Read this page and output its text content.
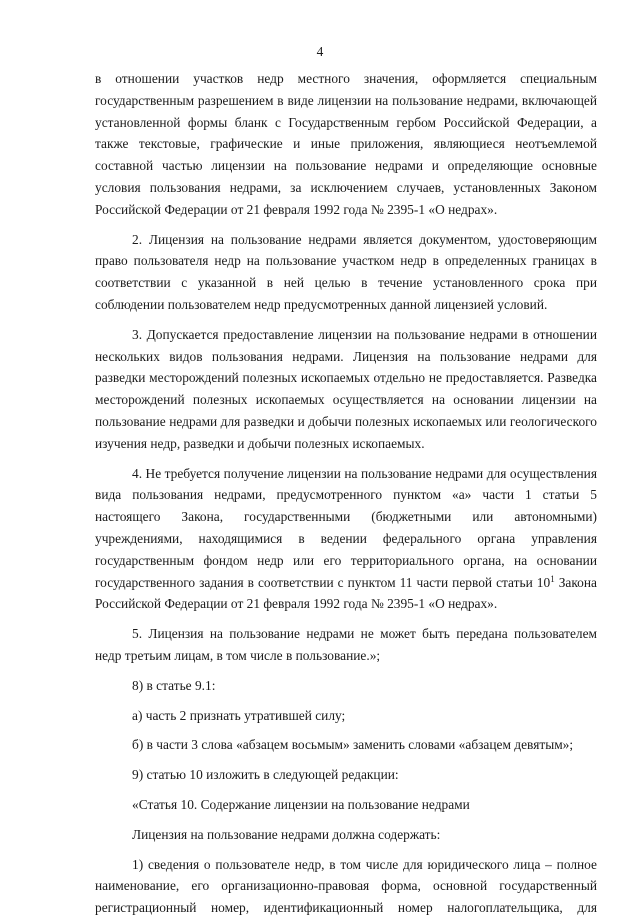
4

в отношении участков недр местного значения, оформляется специальным государственным разрешением в виде лицензии на пользование недрами, включающей установленной формы бланк с Государственным гербом Российской Федерации, а также текстовые, графические и иные приложения, являющиеся неотъемлемой составной частью лицензии на пользование недрами и определяющие основные условия пользования недрами, за исключением случаев, установленных Законом Российской Федерации от 21 февраля 1992 года № 2395-1 «О недрах».

2. Лицензия на пользование недрами является документом, удостоверяющим право пользователя недр на пользование участком недр в определенных границах в соответствии с указанной в ней целью в течение установленного срока при соблюдении пользователем недр предусмотренных данной лицензией условий.

3. Допускается предоставление лицензии на пользование недрами в отношении нескольких видов пользования недрами. Лицензия на пользование недрами для разведки месторождений полезных ископаемых отдельно не предоставляется. Разведка месторождений полезных ископаемых осуществляется на основании лицензии на пользование недрами для разведки и добычи полезных ископаемых или геологического изучения недр, разведки и добычи полезных ископаемых.

4. Не требуется получение лицензии на пользование недрами для осуществления вида пользования недрами, предусмотренного пунктом «а» части 1 статьи 5 настоящего Закона, государственными (бюджетными или автономными) учреждениями, находящимися в ведении федерального органа управления государственным фондом недр или его территориального органа, на основании государственного задания в соответствии с пунктом 11 части первой статьи $10^1$ Закона Российской Федерации от 21 февраля 1992 года № 2395-1 «О недрах».

5. Лицензия на пользование недрами не может быть передана пользователем недр третьим лицам, в том числе в пользование.»;

8) в статье 9.1:

а) часть 2 признать утратившей силу;

б) в части 3 слова «абзацем восьмым» заменить словами «абзацем девятым»;

9) статью 10 изложить в следующей редакции:

«Статья 10. Содержание лицензии на пользование недрами

Лицензия на пользование недрами должна содержать:

1) сведения о пользователе недр, в том числе для юридического лица – полное наименование, его организационно-правовая форма, основной государственный регистрационный номер, идентификационный номер налогоплательщика, для
